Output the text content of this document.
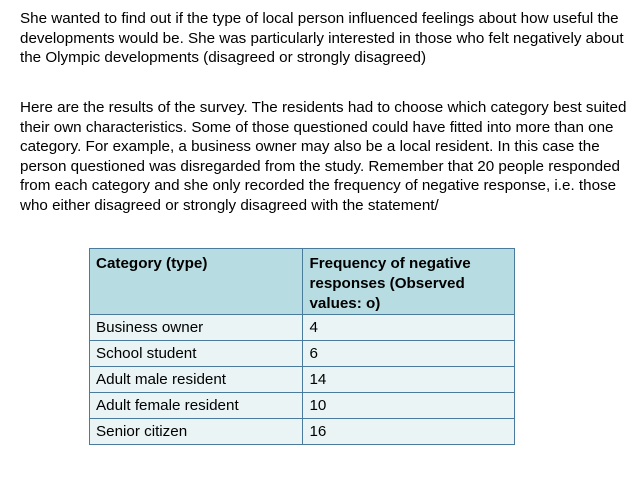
She wanted to find out if the type of local person influenced feelings about how useful the developments would be. She was particularly interested in those who felt negatively about the Olympic developments (disagreed or strongly disagreed)

Here are the results of the survey. The residents had to choose which category best suited their own characteristics. Some of those questioned could have fitted into more than one category. For example, a business owner may also be a local resident. In this case the person questioned was disregarded from the study. Remember that 20 people responded from each category and she only recorded the frequency of negative response, i.e. those who either disagreed or strongly disagreed with the statement/

Category (type)	Frequency of negative responses (Observed values: o)
Business owner	4
School student	6
Adult male resident	14
Adult female resident	10
Senior citizen	16
